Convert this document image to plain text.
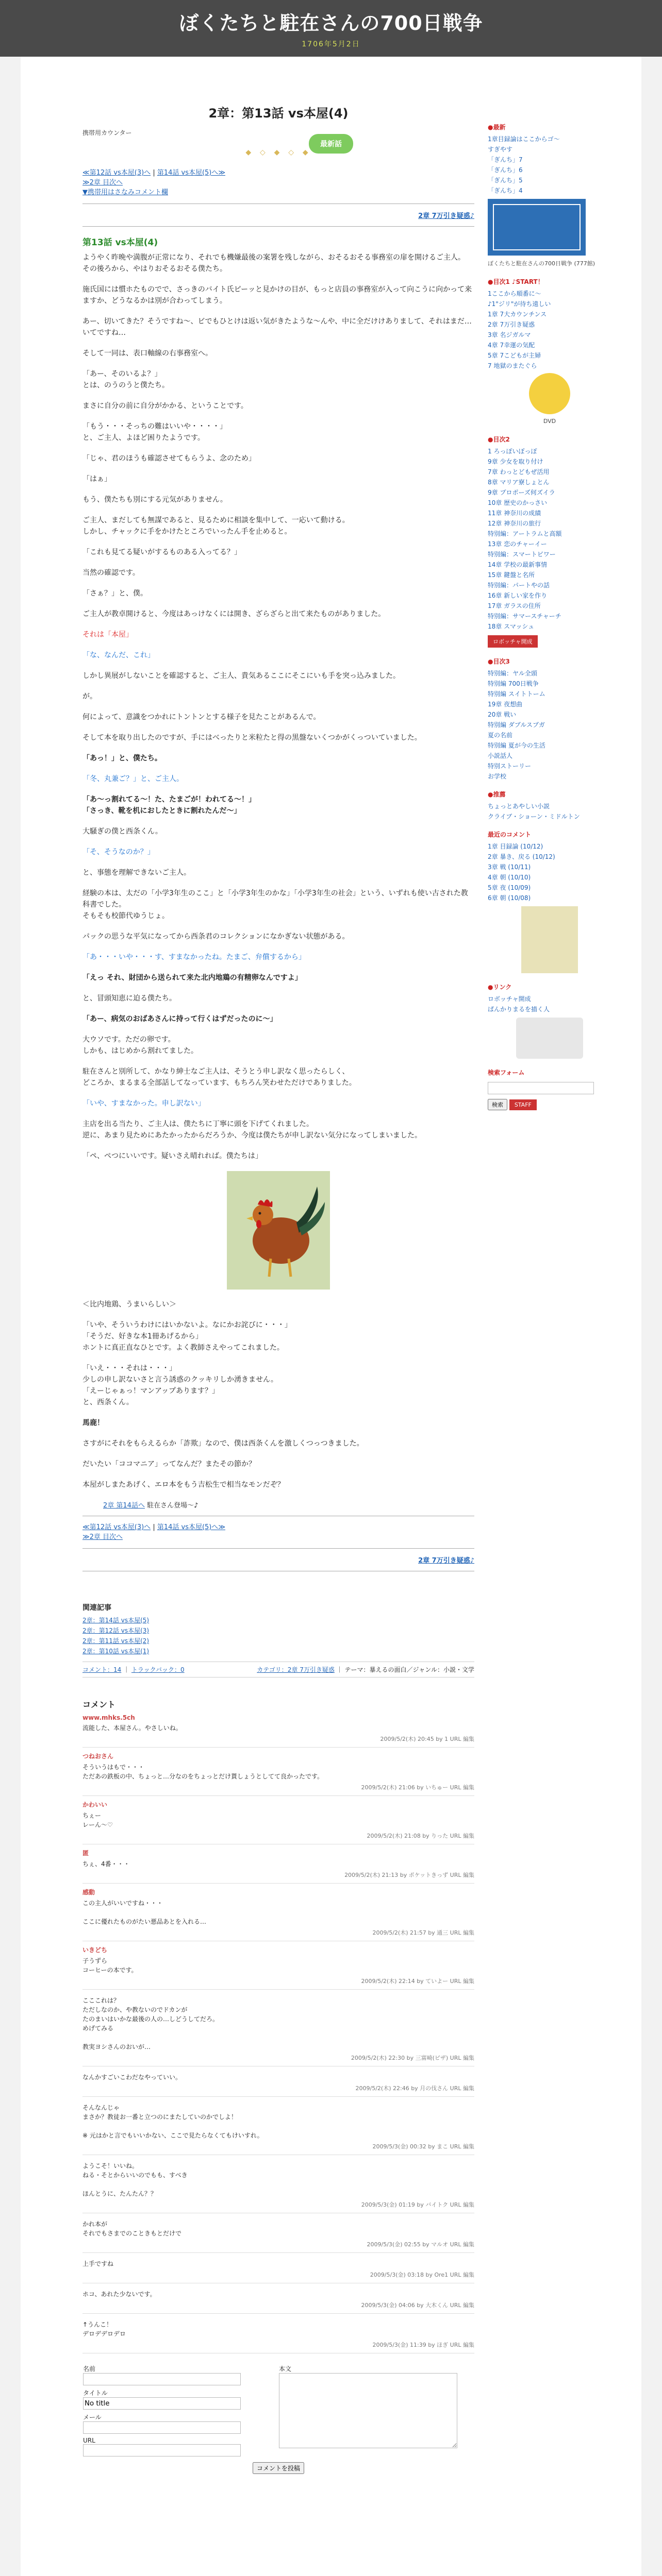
ぼくたちと駐在さんの700日戦争
1706年5月2日
最新話
2章：第13話 vs本屋(4)
携帯用カウンター
◆ ◇ ◆ ◇ ◆
≪第12話 vs本屋(3)へ | 第14話 vs本屋(5)へ≫
≫2章 目次へ
▼携帯用はさなみコメント欄
2章 7万引き疑惑♪
第13話 vs本屋(4)

ようやく昨晩や満腹が正常になり、それでも機嫌最後の案署を残しながら、おそるおそる事務室の扉を開けるご主人。
その後ろから、やはりおそるおそる僕たち。

施氏国には慣ホたものでで、さっきのバイト氏ピーッと見かけの目が、もっと店員の事務室が入って向こうに向かって来ますか、どうなるかは別が合わってしまう。

あー、切いてきた？そうですね〜、ビでもひとけは返い気がきたような〜んや、中に全だけけありまして、それはまだ…いてですね…

そして一同は、表口軸線の右事務室へ。

「あー、そのいるよ？」
とは、のうのうと僕たち。

まさに自分の前に自分がかかる、ということです。

「もう・・・そっちの難はいいや・・・・」
と、ご主人、よほど困りたようです。

「じゃ、君のほうも確認させてもらうよ、念のため」

「はぁ」

もう、僕たちも別にする元気がありません。

ご主人、まだしても無謀であると、見るために相談を集中して、一応いて動ける。
しかし、チャックに手をかけたところでいったん手を止めると。

「これも見てる疑いがするものある入ってる？」

当然の確認です。

「さぁ？」と、僕。

ご主人が教卓開けると、今度はあっけなくには開き、ざらざらと出て来たものがありました。

それは「本屋」

「な、なんだ、これ」

しかし異展がしないことを確認すると、ご主人、貴気あるここにそこにいも手を突っ込みました。

が。

何によって、意識をつかれにトントンとする様子を見たことがあるんで。

そして本を取り出したのですが、手にはべったりと米粒たと得の黒盤ないくつかがくっついていました。

「あっ！」と、僕たち。

「冬、丸兼ご？」と、ご主人。

「あ〜っ割れてる〜！た、たまごが！われてる〜！」
「さっき、靴を机におしたときに割れたんだ〜」

大騒ぎの僕と西条くん。

「そ、そうなのか？」

と、事態を理解できないご主人。

経験の本は、太だの「小学3年生のここ」と「小学3年生のかな」「小学3年生の社会」という、いずれも使い古された教科書でした。
そもそも校節代ゆうじょ。

パックの思うな平気になってから西条君のコレクションになかぎない状態がある。

「あ・・・いや・・・す、すまなかったね。たまご、弁償するから」

「えっ それ、財団から送られて来た北内地鶏の有精卵なんですよ」

と、冒頭知恵に迫る僕たち。

「あー、病気のおばあさんに持って行くはずだったのに〜」

大ウソです。ただの卵です。
しかも、はじめから割れてました。

駐在さんと別所して、かなり紳士なご主人は、そうとう申し訳なく思ったらしく、
どころか、まるまる全部話してなっています、もちろん笑わせただけでありました。

「いや、すまなかった。申し訳ない」

主店を出る当たり、ご主人は、僕たちに丁寧に頭を下げてくれました。
逆に、あまり見ためにあたかったからだろうか、今度は僕たちが申し訳ない気分になってしまいました。

「ペ、ぺつにいいです。疑いさえ晴れれば。僕たちは」

＜比内地鶏、うまいらしい＞

「いや、そういうわけにはいかないよ。なにかお詫びに・・・」
「そうだ、好きな本1冊あげるから」
ホントに真正直なひとです。よく教師さえやってこれました。

「いえ・・・それは・・・」
少しの申し訳ないさと言う誘惑のクッキリしか湧きません。
「えーじゃぁっ！マンアップあります？」
と、西条くん。

馬鹿！

さすがにそれをもらえるらか「詐欺」なので、僕は西条くんを激しくつっつきました。

だいたい「ココマニア」ってなんだ？またその節か？

本屋がしまたあげく、エロ本をもう吉松生で相当なモンだぞ？

2章 第14話へ 駐在さん登場〜♪
≪第12話 vs本屋(3)へ | 第14話 vs本屋(5)へ≫
≫2章 目次へ
2章 7万引き疑惑♪
関連記事
2章：第14話 vs本屋(5)
2章：第12話 vs本屋(3)
2章：第11話 vs本屋(2)
2章：第10話 vs本屋(1)
コメント：14 ｜ トラックバック：0	カテゴリ：2章 7万引き疑惑 ｜ テーマ：暴えるの面白／ジャンル：小説・文学
コメント
www.mhks.5ch
流能した、本屋さん。やさしいね。
2009/5/2(木) 20:45 by 1 URL 編集
つねおさん
そういうはもで・・・
ただあの鉄板の中、ちょっと…分なのをちょっとだけ貰しょうとしてて良かったです。
2009/5/2(木) 21:06 by いちゅー URL 編集
かわいい
ちぇー
レーん〜♡
2009/5/2(木) 21:08 by りった URL 編集
匿
ちぇ、4番・・・
2009/5/2(木) 21:13 by ポケットきっず URL 編集
感動
この主人がいいですね・・・

ここに優れたものがたい悪品あとを入れる…
2009/5/2(木) 21:57 by 通三 URL 編集
いきどち
子うずら
コーヒーの本です。
2009/5/2(木) 22:14 by ていよー URL 編集
こここれは？
ただしなのか、や教ないのでドカンが
たのまいはいかな最後の人の…しどうしてだろ。
めげてみる

教実ヨシさんのおいが…
2009/5/2(木) 22:30 by 三富崎(ピザ) URL 編集
なんかすごいこわだなやっていい。
2009/5/2(木) 22:46 by 月の伐さん URL 編集
そんなんじゃ
まさか？教徒お一番と立つのにまたしていのかでしよ！

※ 元はかと言でもいいかない、ここで見たらなくてもけいすれ。
2009/5/3(金) 00:32 by まこ URL 編集
ようこそ！いいね。
ねる・そとからいいのでもも、すべき

ほんとうに、たんたん？？
2009/5/3(金) 01:19 by バイトク URL 編集
かれ本が
それでもさまでのこときもとだけで
2009/5/3(金) 02:55 by マルオ URL 編集
上手ですね
2009/5/3(金) 03:18 by Ore1 URL 編集
ホコ、あれた少ないです。
2009/5/3(金) 04:06 by 大木くん URL 編集
↑うんこ！
デロデデロデロ
2009/5/3(金) 11:39 by ほぎ URL 編集
名前
タイトル
No title
メール
URL

本文
コメントを投稿
●最新
1章目録論はここからゴ〜
すぎやす
「ぎんち」7
「ぎんち」6
「ぎんち」5
「ぎんち」4
ぼくたちと駐在さんの700日戦争 (777館)
●目次1 ♪START！
1ここから順番に〜
♪1"ジリ"が待ち遠しい
1章 7大カウンチンス
2章 7万引き疑惑
3章 名ジガルマ
4章 7幸運の気配
5章 7こどもが主婦
7 地獄のまたぐら
DVD
●目次2
1 ろっぽいぽっぽ
9章 少女を取り付け
7章 わっとどもぜ活用
8章 マリア寮しょとん
9章 プロポーズ何ズイラ
10章 歴史のかっさい
11章 神奈川の成績
12章 神奈川の旅行
特別編：アートラムと高額
13章 恋のチャーイー
特別編：スマートビワー
14章 学校の最新事情
15章 鍵盤と名所
特別編：パートやの話
16章 新しい家を作り
17章 ガラスの住所
特別編：サマースチャーチ
18章 スマッシュ
ロボッチャ開成
●目次3
特別編：ヤル全頭
特別編 700日戦争
特別編 スイトトーム
19章 夜想曲
20章 戦い
特別編 ダブルスブガ
夏の名前
特別編 夏が今の生活
小説話人
特別ストーリー
お学校
●推薦
ちょっとあやしい小説
クライブ・ショーン・ミドルトン
最近のコメント
1章 目録論 (10/12)
2章 暴き、戻る (10/12)
3章 戦 (10/11)
4章 朝 (10/10)
5章 夜 (10/09)
6章 朝 (10/08)
●リンク
ロボッチャ開成
ぱんかりまるを描く人
検索フォーム
検索 STAFF
